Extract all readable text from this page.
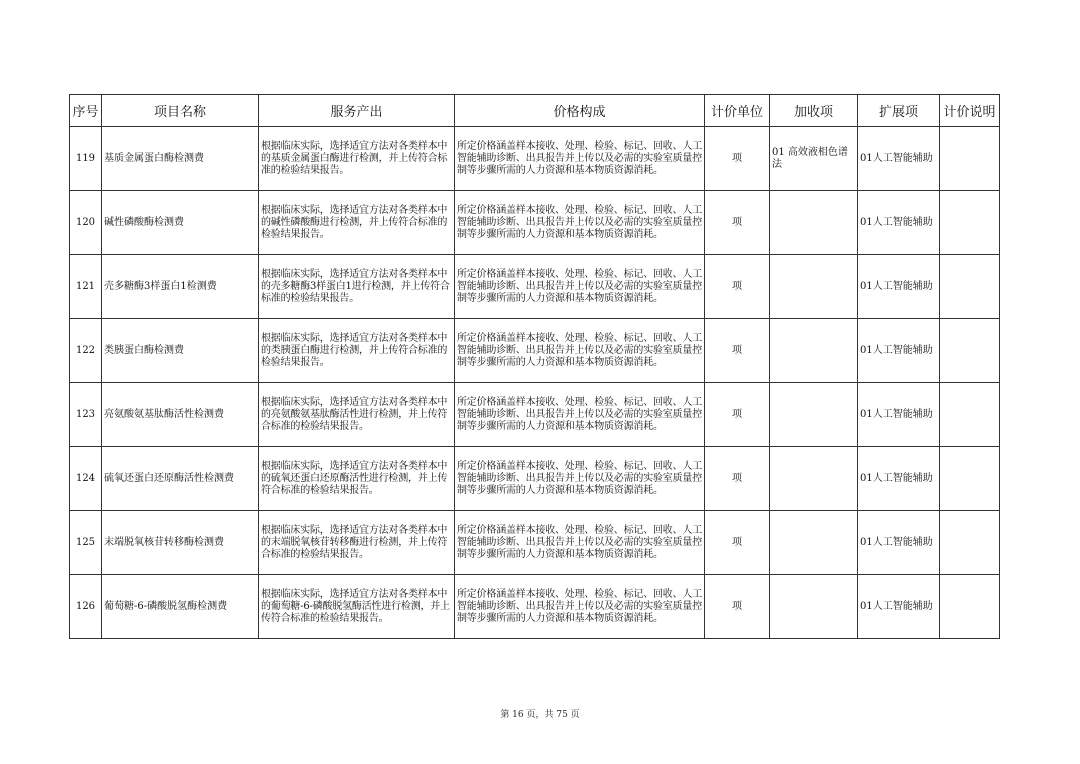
序号	项目名称	服务产出	价格构成	计价单位	加收项	扩展项	计价说明
119	基质金属蛋白酶检测费	根据临床实际，选择适宜方法对各类样本中的基质金属蛋白酶进行检测，并上传符合标准的检验结果报告。	所定价格涵盖样本接收、处理、检验、标记、回收、人工智能辅助诊断、出具报告并上传以及必需的实验室质量控制等步骤所需的人力资源和基本物质资源消耗。	项	01 高效液相色谱法	01人工智能辅助	
120	碱性磷酸酶检测费	根据临床实际，选择适宜方法对各类样本中的碱性磷酸酶进行检测，并上传符合标准的检验结果报告。	所定价格涵盖样本接收、处理、检验、标记、回收、人工智能辅助诊断、出具报告并上传以及必需的实验室质量控制等步骤所需的人力资源和基本物质资源消耗。	项		01人工智能辅助	
121	壳多糖酶3样蛋白1检测费	根据临床实际，选择适宜方法对各类样本中的壳多糖酶3样蛋白1进行检测，并上传符合标准的检验结果报告。	所定价格涵盖样本接收、处理、检验、标记、回收、人工智能辅助诊断、出具报告并上传以及必需的实验室质量控制等步骤所需的人力资源和基本物质资源消耗。	项		01人工智能辅助	
122	类胰蛋白酶检测费	根据临床实际，选择适宜方法对各类样本中的类胰蛋白酶进行检测，并上传符合标准的检验结果报告。	所定价格涵盖样本接收、处理、检验、标记、回收、人工智能辅助诊断、出具报告并上传以及必需的实验室质量控制等步骤所需的人力资源和基本物质资源消耗。	项		01人工智能辅助	
123	亮氨酸氨基肽酶活性检测费	根据临床实际，选择适宜方法对各类样本中的亮氨酸氨基肽酶活性进行检测，并上传符合标准的检验结果报告。	所定价格涵盖样本接收、处理、检验、标记、回收、人工智能辅助诊断、出具报告并上传以及必需的实验室质量控制等步骤所需的人力资源和基本物质资源消耗。	项		01人工智能辅助	
124	硫氧还蛋白还原酶活性检测费	根据临床实际，选择适宜方法对各类样本中的硫氧还蛋白还原酶活性进行检测，并上传符合标准的检验结果报告。	所定价格涵盖样本接收、处理、检验、标记、回收、人工智能辅助诊断、出具报告并上传以及必需的实验室质量控制等步骤所需的人力资源和基本物质资源消耗。	项		01人工智能辅助	
125	末端脱氧核苷转移酶检测费	根据临床实际，选择适宜方法对各类样本中的末端脱氧核苷转移酶进行检测，并上传符合标准的检验结果报告。	所定价格涵盖样本接收、处理、检验、标记、回收、人工智能辅助诊断、出具报告并上传以及必需的实验室质量控制等步骤所需的人力资源和基本物质资源消耗。	项		01人工智能辅助	
126	葡萄糖-6-磷酸脱氢酶检测费	根据临床实际，选择适宜方法对各类样本中的葡萄糖-6-磷酸脱氢酶活性进行检测，并上传符合标准的检验结果报告。	所定价格涵盖样本接收、处理、检验、标记、回收、人工智能辅助诊断、出具报告并上传以及必需的实验室质量控制等步骤所需的人力资源和基本物质资源消耗。	项		01人工智能辅助	
第 16 页，共 75 页
